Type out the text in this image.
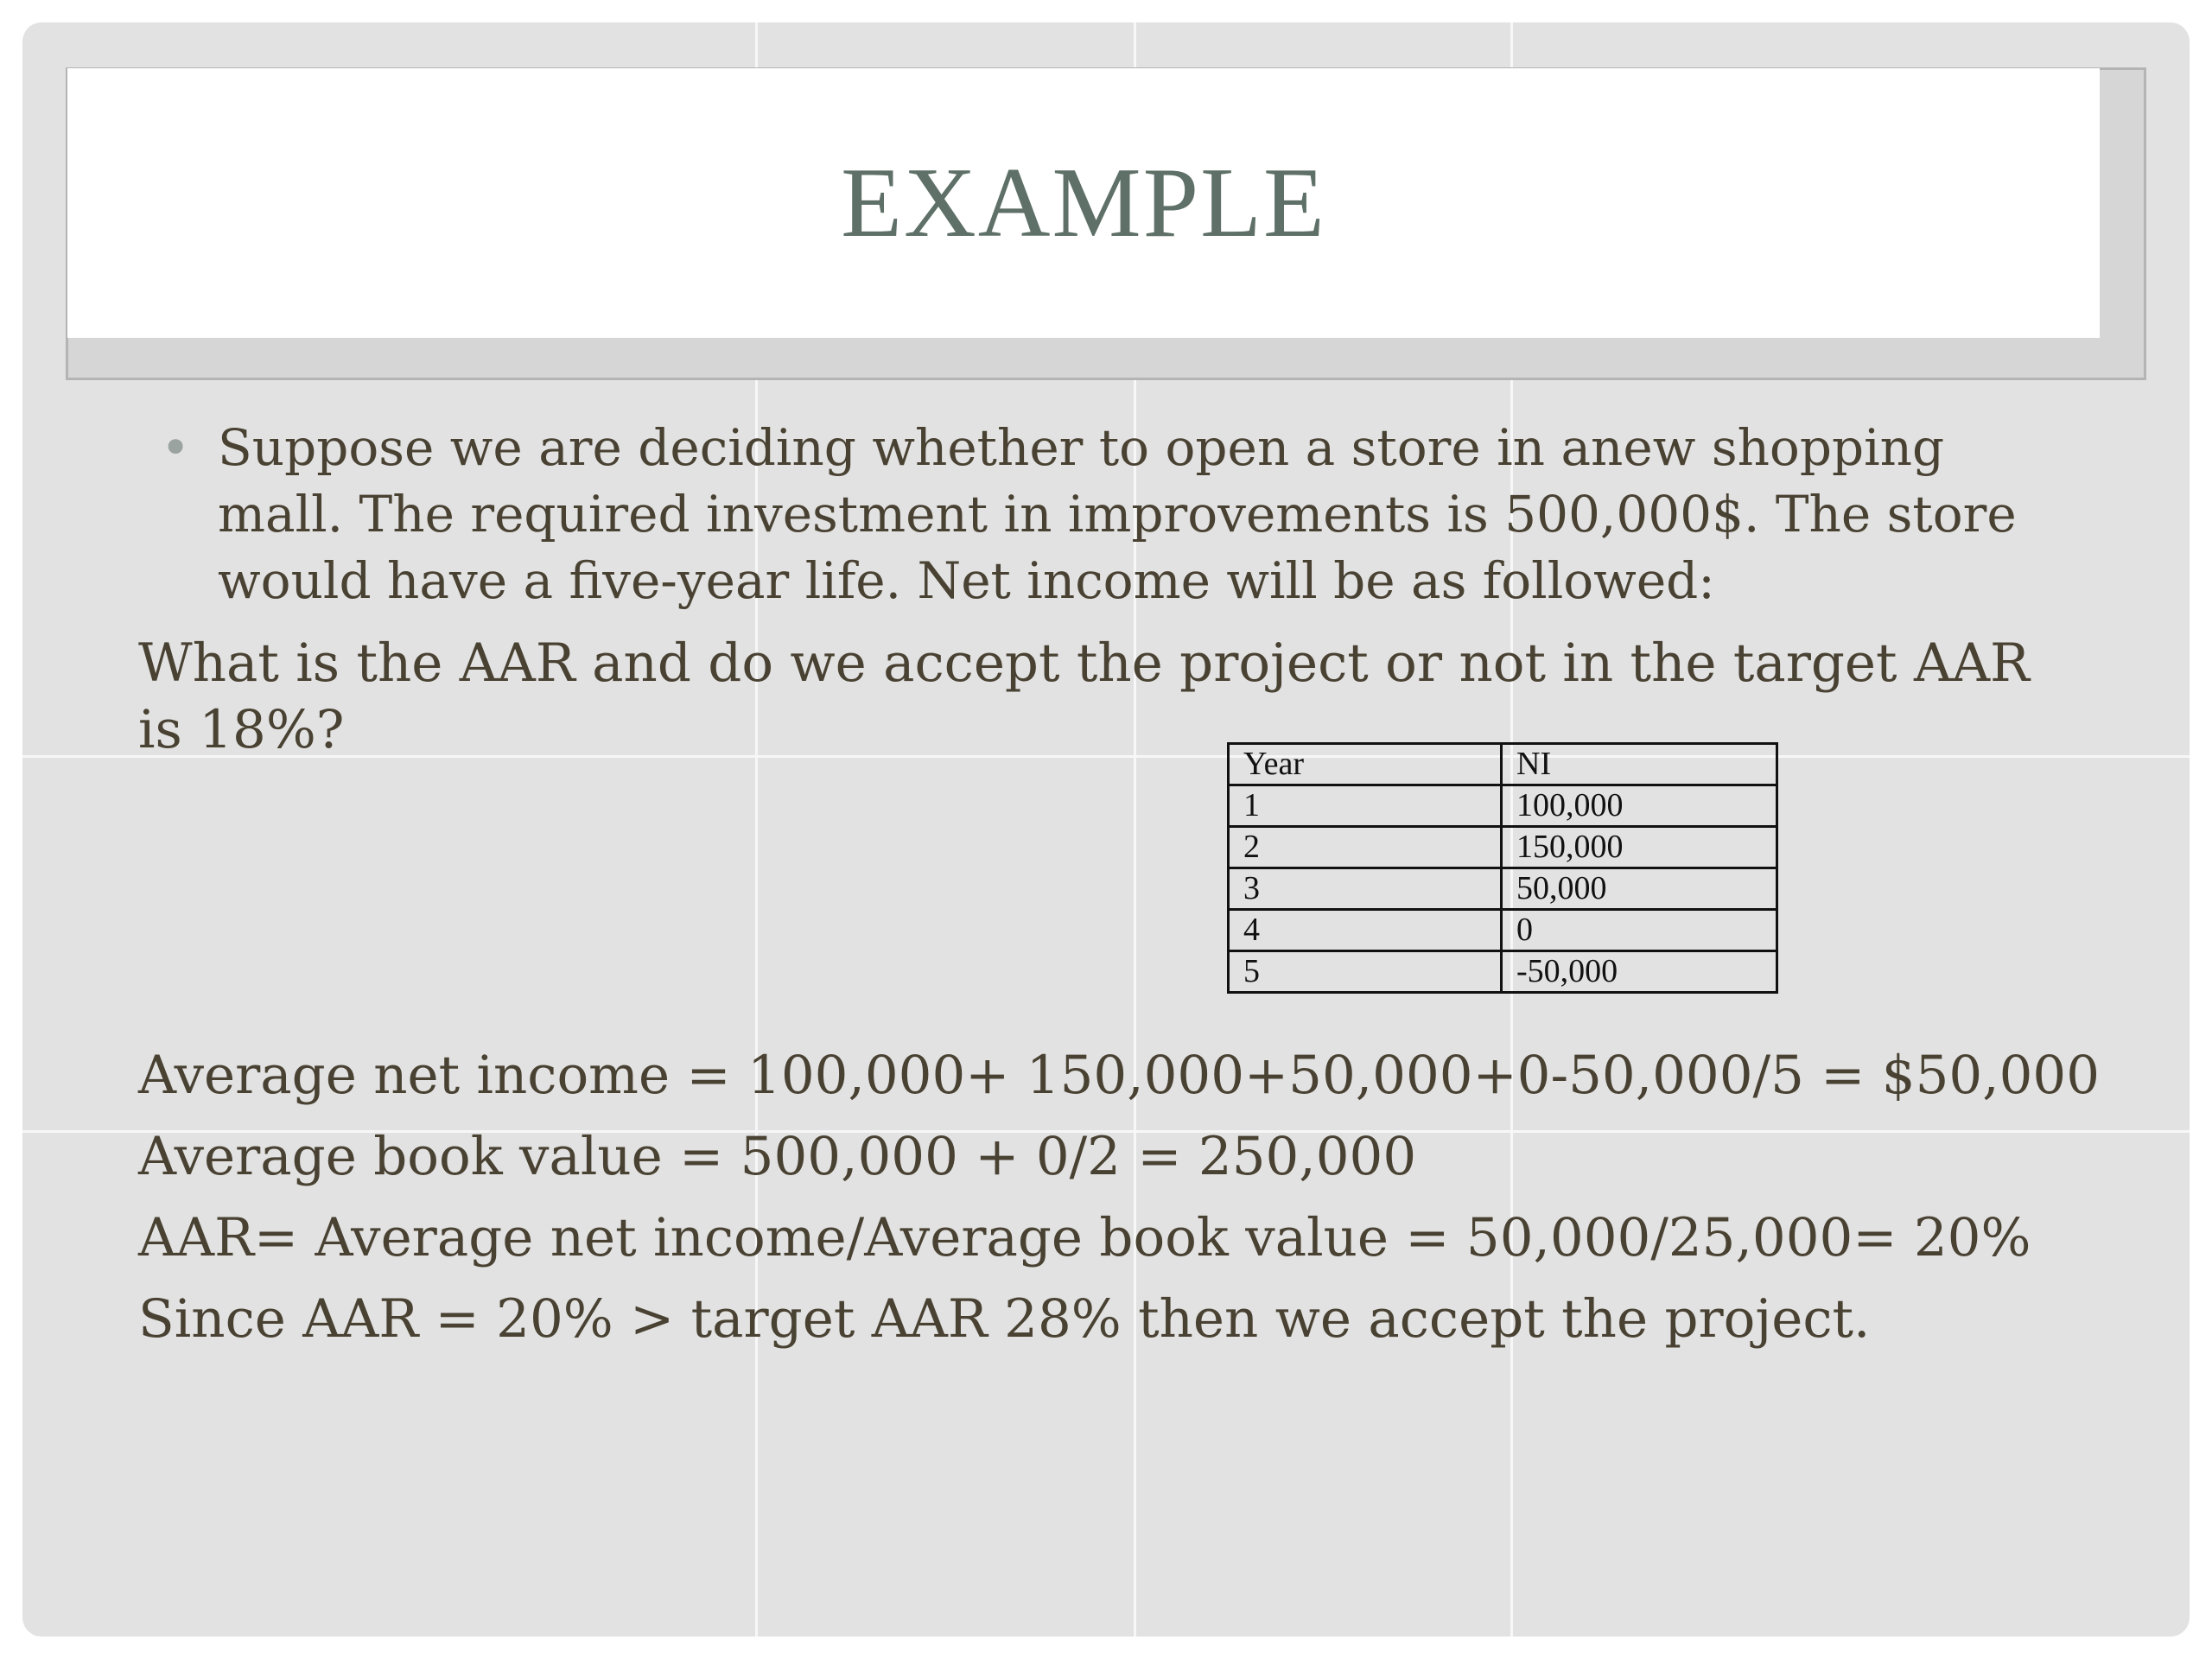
EXAMPLE
• Suppose we are deciding whether to open a store in anew shopping mall. The required investment in improvements is 500,000$. The store would have a five-year life. Net income will be as followed:
What is the AAR and do we accept the project or not in the target AAR is 18%?
Year	NI
1	100,000
2	150,000
3	50,000
4	0
5	-50,000
Average net income = 100,000+ 150,000+50,000+0-50,000/5 = $50,000
Average book value = 500,000 + 0/2 = 250,000
AAR= Average net income/Average book value = 50,000/25,000= 20%
Since AAR = 20% > target AAR 28% then we accept the project.
